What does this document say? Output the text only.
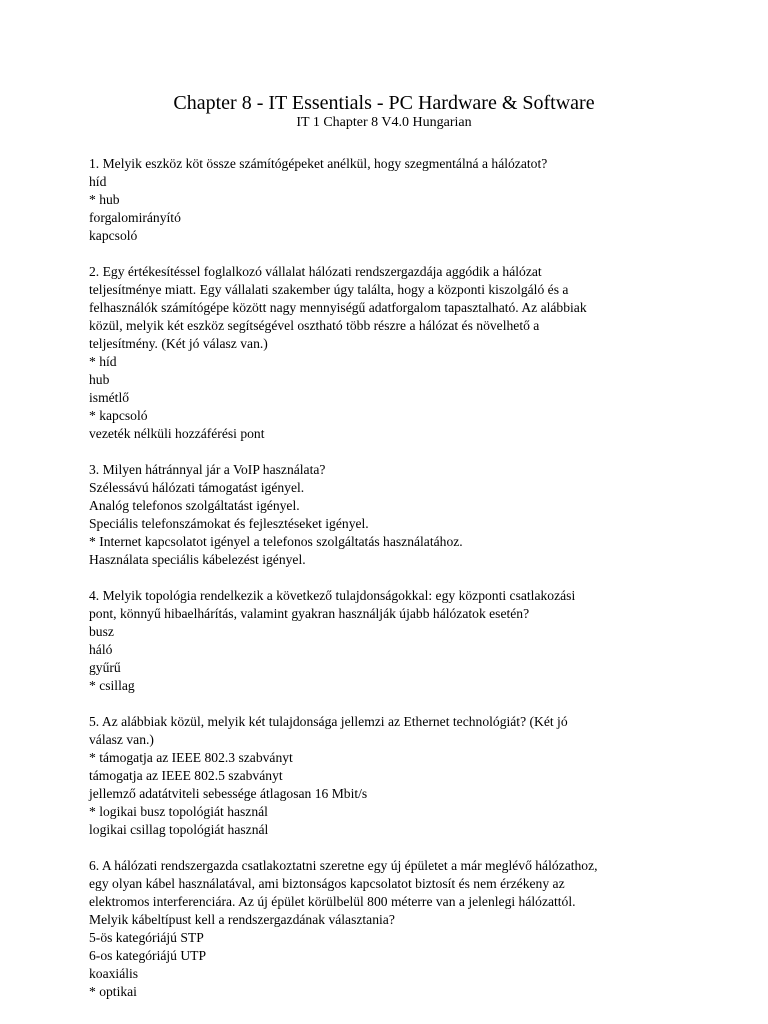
Chapter 8 - IT Essentials - PC Hardware & Software
IT 1 Chapter 8 V4.0 Hungarian
1. Melyik eszköz köt össze számítógépeket anélkül, hogy szegmentálná a hálózatot?
híd
* hub
forgalomirányító
kapcsoló
2. Egy értékesítéssel foglalkozó vállalat hálózati rendszergazdája aggódik a hálózat
teljesítménye miatt. Egy vállalati szakember úgy találta, hogy a központi kiszolgáló és a
felhasználók számítógépe között nagy mennyiségű adatforgalom tapasztalható. Az alábbiak
közül, melyik két eszköz segítségével osztható több részre a hálózat és növelhető a
teljesítmény. (Két jó válasz van.)
* híd
hub
ismétlő
* kapcsoló
vezeték nélküli hozzáférési pont
3. Milyen hátránnyal jár a VoIP használata?
Szélessávú hálózati támogatást igényel.
Analóg telefonos szolgáltatást igényel.
Speciális telefonszámokat és fejlesztéseket igényel.
* Internet kapcsolatot igényel a telefonos szolgáltatás használatához.
Használata speciális kábelezést igényel.
4. Melyik topológia rendelkezik a következő tulajdonságokkal: egy központi csatlakozási
pont, könnyű hibaelhárítás, valamint gyakran használják újabb hálózatok esetén?
busz
háló
gyűrű
* csillag
5. Az alábbiak közül, melyik két tulajdonsága jellemzi az Ethernet technológiát? (Két jó
válasz van.)
* támogatja az IEEE 802.3 szabványt
támogatja az IEEE 802.5 szabványt
jellemző adatátviteli sebessége átlagosan 16 Mbit/s
* logikai busz topológiát használ
logikai csillag topológiát használ
6. A hálózati rendszergazda csatlakoztatni szeretne egy új épületet a már meglévő hálózathoz,
egy olyan kábel használatával, ami biztonságos kapcsolatot biztosít és nem érzékeny az
elektromos interferenciára. Az új épület körülbelül 800 méterre van a jelenlegi hálózattól.
Melyik kábeltípust kell a rendszergazdának választania?
5-ös kategóriájú STP
6-os kategóriájú UTP
koaxiális
* optikai
